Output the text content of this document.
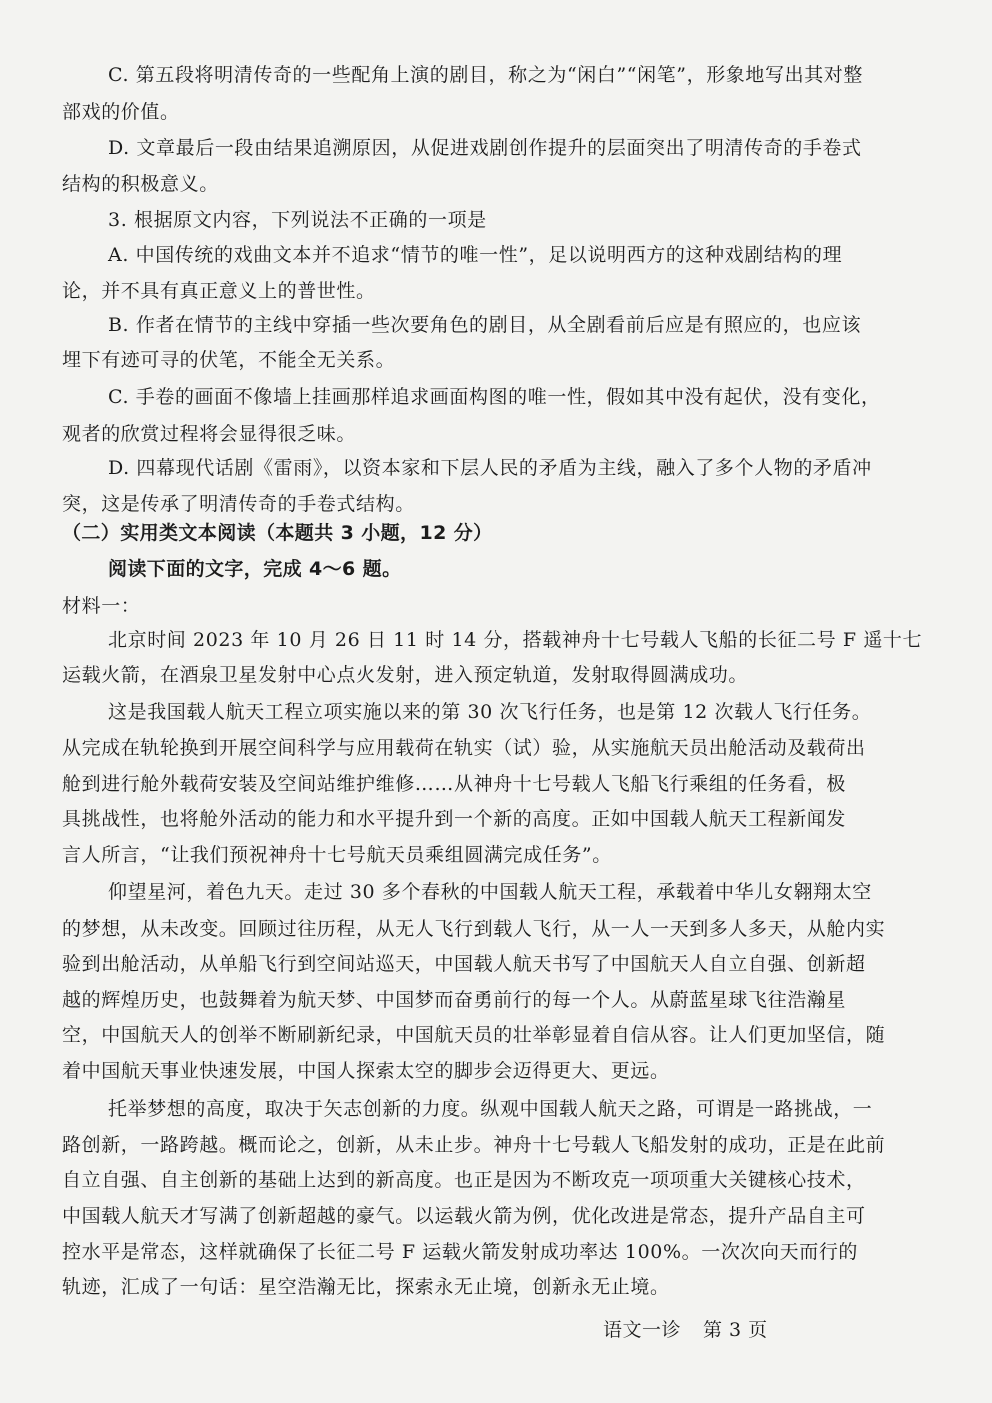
C. 第五段将明清传奇的一些配角上演的剧目，称之为“闲白”“闲笔”，形象地写出其对整
部戏的价值。
D. 文章最后一段由结果追溯原因，从促进戏剧创作提升的层面突出了明清传奇的手卷式
结构的积极意义。
3. 根据原文内容，下列说法不正确的一项是
A. 中国传统的戏曲文本并不追求“情节的唯一性”，足以说明西方的这种戏剧结构的理
论，并不具有真正意义上的普世性。
B. 作者在情节的主线中穿插一些次要角色的剧目，从全剧看前后应是有照应的，也应该
埋下有迹可寻的伏笔，不能全无关系。
C. 手卷的画面不像墙上挂画那样追求画面构图的唯一性，假如其中没有起伏，没有变化，
观者的欣赏过程将会显得很乏味。
D. 四幕现代话剧《雷雨》，以资本家和下层人民的矛盾为主线，融入了多个人物的矛盾冲
突，这是传承了明清传奇的手卷式结构。
（二）实用类文本阅读（本题共 3 小题，12 分）
阅读下面的文字，完成 4～6 题。
材料一：
北京时间 2023 年 10 月 26 日 11 时 14 分，搭载神舟十七号载人飞船的长征二号 F 遥十七
运载火箭，在酒泉卫星发射中心点火发射，进入预定轨道，发射取得圆满成功。
这是我国载人航天工程立项实施以来的第 30 次飞行任务，也是第 12 次载人飞行任务。
从完成在轨轮换到开展空间科学与应用载荷在轨实（试）验，从实施航天员出舱活动及载荷出
舱到进行舱外载荷安装及空间站维护维修……从神舟十七号载人飞船飞行乘组的任务看，极
具挑战性，也将舱外活动的能力和水平提升到一个新的高度。正如中国载人航天工程新闻发
言人所言，“让我们预祝神舟十七号航天员乘组圆满完成任务”。
仰望星河，着色九天。走过 30 多个春秋的中国载人航天工程，承载着中华儿女翱翔太空
的梦想，从未改变。回顾过往历程，从无人飞行到载人飞行，从一人一天到多人多天，从舱内实
验到出舱活动，从单船飞行到空间站巡天，中国载人航天书写了中国航天人自立自强、创新超
越的辉煌历史，也鼓舞着为航天梦、中国梦而奋勇前行的每一个人。从蔚蓝星球飞往浩瀚星
空，中国航天人的创举不断刷新纪录，中国航天员的壮举彰显着自信从容。让人们更加坚信，随
着中国航天事业快速发展，中国人探索太空的脚步会迈得更大、更远。
托举梦想的高度，取决于矢志创新的力度。纵观中国载人航天之路，可谓是一路挑战，一
路创新，一路跨越。概而论之，创新，从未止步。神舟十七号载人飞船发射的成功，正是在此前
自立自强、自主创新的基础上达到的新高度。也正是因为不断攻克一项项重大关键核心技术，
中国载人航天才写满了创新超越的豪气。以运载火箭为例，优化改进是常态，提升产品自主可
控水平是常态，这样就确保了长征二号 F 运载火箭发射成功率达 100%。一次次向天而行的
轨迹，汇成了一句话：星空浩瀚无比，探索永无止境，创新永无止境。
语文一诊 第 3 页
